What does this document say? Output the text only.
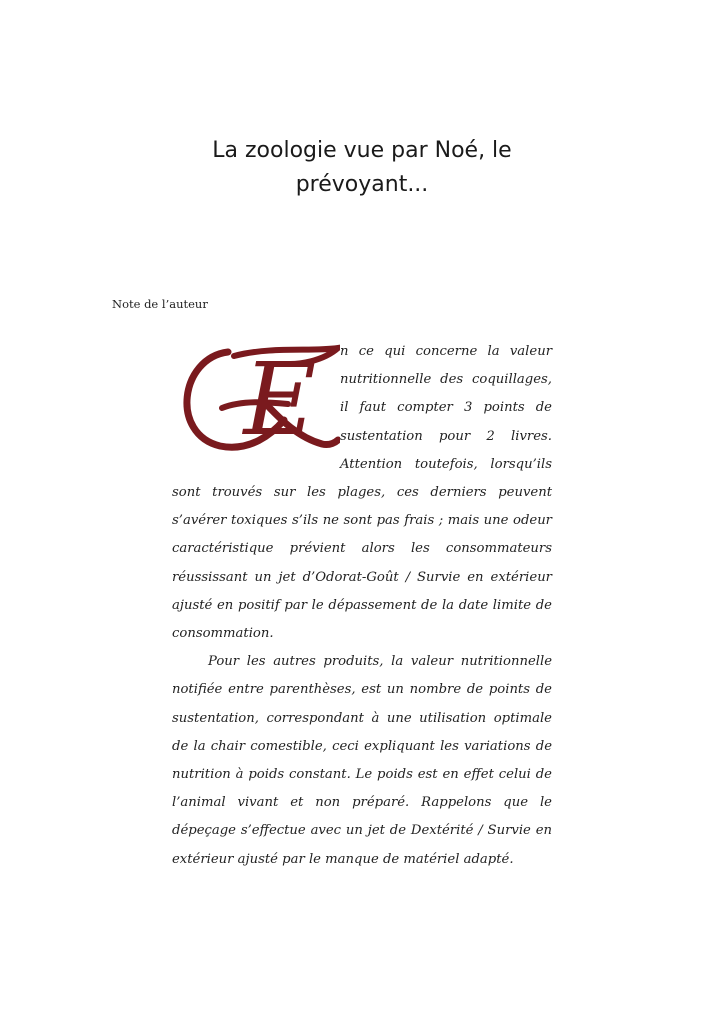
La zoologie vue par Noé, le
prévoyant...

Note de l’auteur

E n ce qui concerne la valeur nutritionnelle des coquillages, il faut compter 3 points de sustentation pour 2 livres. Attention toutefois, lorsqu’ils sont trouvés sur les plages, ces derniers peuvent s’avérer toxiques s’ils ne sont pas frais ; mais une odeur caractéristique prévient alors les consommateurs réussissant un jet d’Odorat-Goût / Survie en extérieur ajusté en positif par le dépassement de la date limite de consommation.

Pour les autres produits, la valeur nutritionnelle notifiée entre parenthèses, est un nombre de points de sustentation, correspondant à une utilisation optimale de la chair comestible, ceci expliquant les variations de nutrition à poids constant. Le poids est en effet celui de l’animal vivant et non préparé. Rappelons que le dépeçage s’effectue avec un jet de Dextérité / Survie en extérieur ajusté par le manque de matériel adapté.
